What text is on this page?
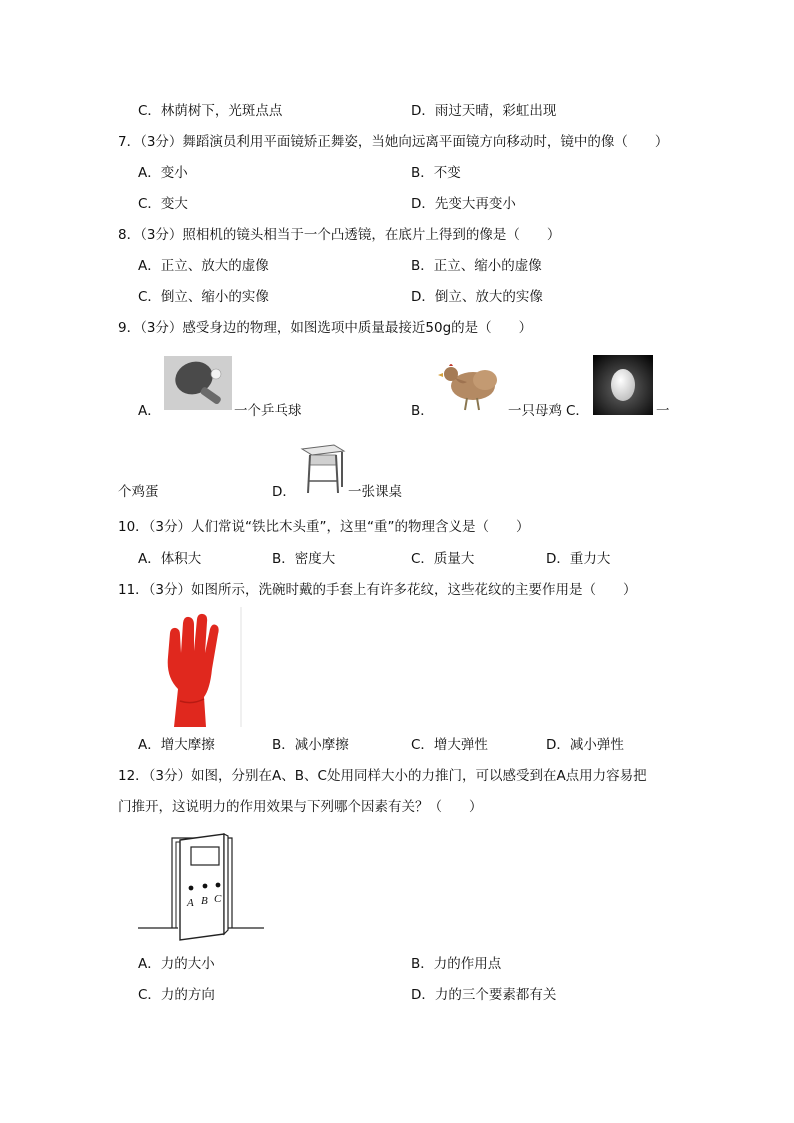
C．林荫树下，光斑点点	D．雨过天晴，彩虹出现
7．（3分）舞蹈演员利用平面镜矫正舞姿，当她向远离平面镜方向移动时，镜中的像（　　）
A．变小	B．不变
C．变大	D．先变大再变小
8．（3分）照相机的镜头相当于一个凸透镜，在底片上得到的像是（　　）
A．正立、放大的虚像	B．正立、缩小的虚像
C．倒立、缩小的实像	D．倒立、放大的实像
9．（3分）感受身边的物理，如图选项中质量最接近50g的是（　　）
A．	一个乒乓球	B．	一只母鸡 C．	一
个鸡蛋	D．	一张课桌
10．（3分）人们常说“铁比木头重”，这里“重”的物理含义是（　　）
A．体积大	B．密度大	C．质量大	D．重力大
11．（3分）如图所示，洗碗时戴的手套上有许多花纹，这些花纹的主要作用是（　　）
A．增大摩擦	B．减小摩擦	C．增大弹性	D．减小弹性
12．（3分）如图，分别在A、B、C处用同样大小的力推门，可以感受到在A点用力容易把
门推开，这说明力的作用效果与下列哪个因素有关？（　　）
A B C
A．力的大小	B．力的作用点
C．力的方向	D．力的三个要素都有关
